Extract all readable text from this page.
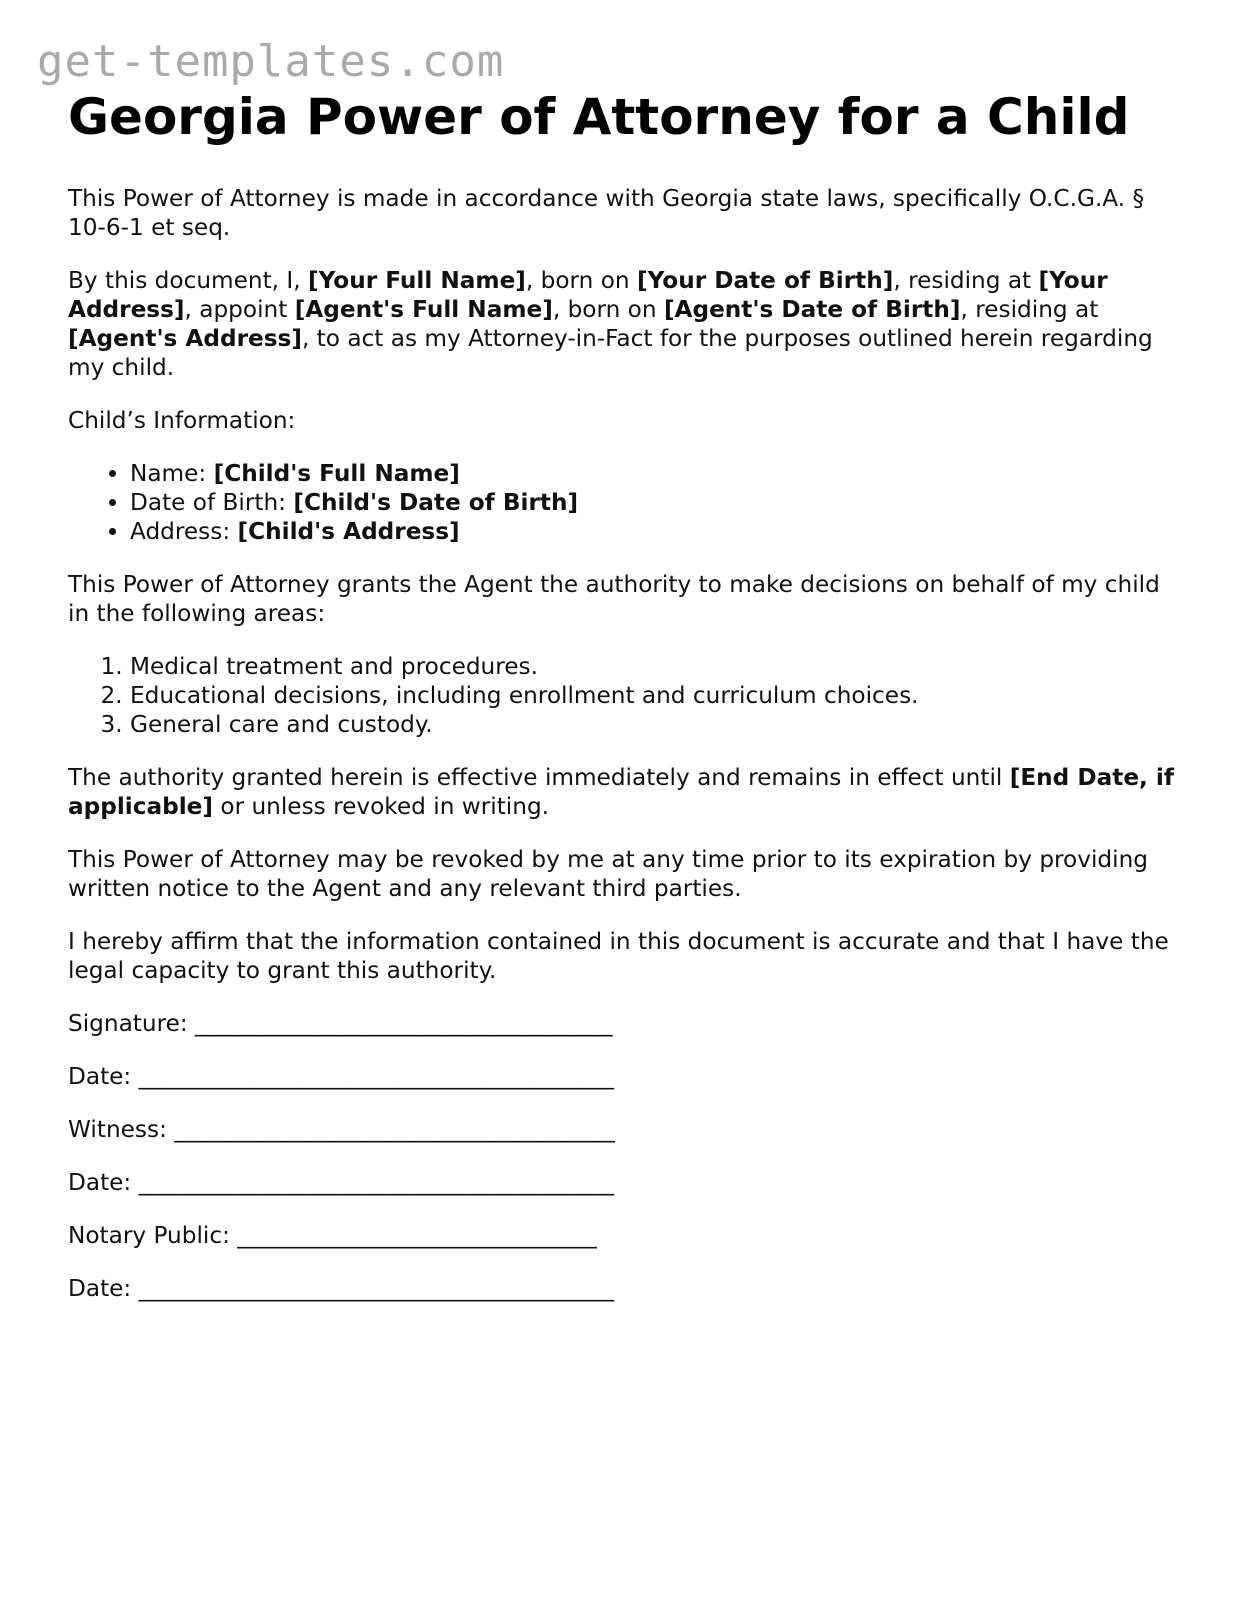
get-templates.com
Georgia Power of Attorney for a Child

This Power of Attorney is made in accordance with Georgia state laws, specifically O.C.G.A. § 10-6-1 et seq.

By this document, I, [Your Full Name], born on [Your Date of Birth], residing at [Your Address], appoint [Agent's Full Name], born on [Agent's Date of Birth], residing at [Agent's Address], to act as my Attorney-in-Fact for the purposes outlined herein regarding my child.

Child’s Information:

• Name: [Child's Full Name]
• Date of Birth: [Child's Date of Birth]
• Address: [Child's Address]

This Power of Attorney grants the Agent the authority to make decisions on behalf of my child in the following areas:

1. Medical treatment and procedures.
2. Educational decisions, including enrollment and curriculum choices.
3. General care and custody.

The authority granted herein is effective immediately and remains in effect until [End Date, if applicable] or unless revoked in writing.

This Power of Attorney may be revoked by me at any time prior to its expiration by providing written notice to the Agent and any relevant third parties.

I hereby affirm that the information contained in this document is accurate and that I have the legal capacity to grant this authority.

Signature: ____________________________________
Date: _________________________________________
Witness: ______________________________________
Date: _________________________________________
Notary Public: _______________________________
Date: _________________________________________
